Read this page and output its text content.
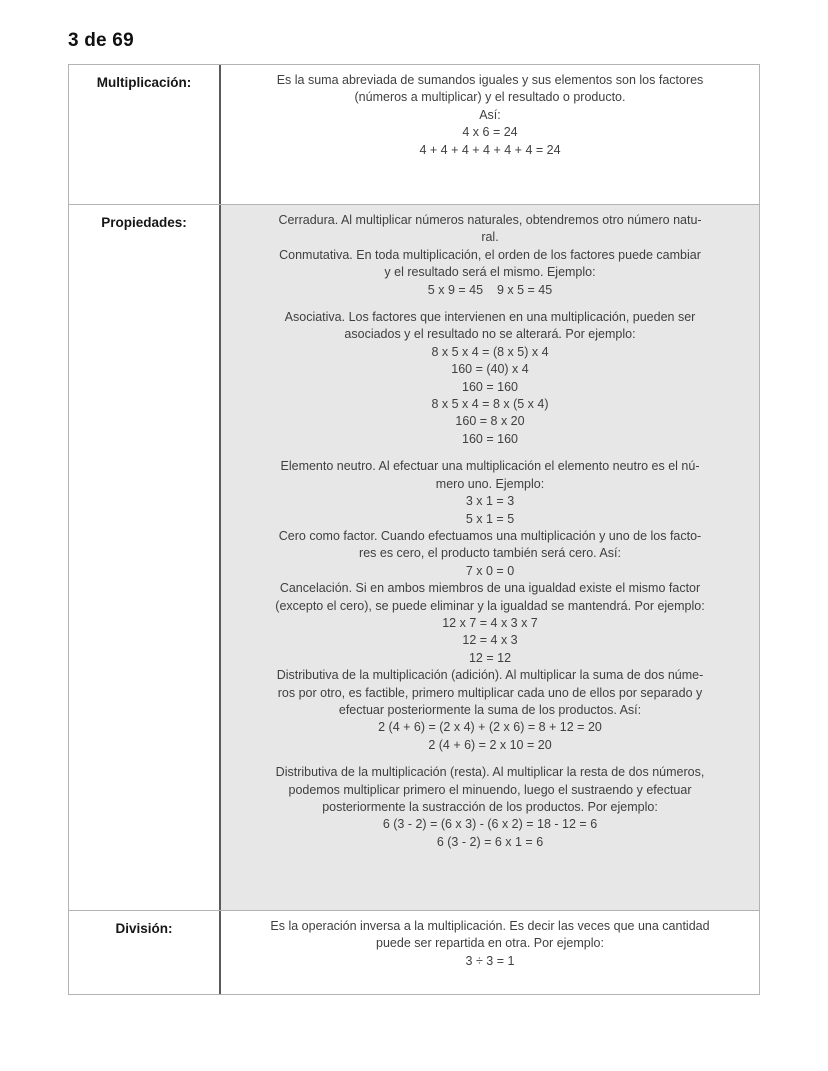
3 de 69
Multiplicación:	Es la suma abreviada de sumandos iguales y sus elementos son los factores
(números a multiplicar) y el resultado o producto.
Así:
4 x 6 = 24
4 + 4 + 4 + 4 + 4 + 4 = 24
Propiedades:	Cerradura. Al multiplicar números naturales, obtendremos otro número natu-
ral.
Conmutativa. En toda multiplicación, el orden de los factores puede cambiar
y el resultado será el mismo. Ejemplo:
5 x 9 = 45    9 x 5 = 45
Asociativa. Los factores que intervienen en una multiplicación, pueden ser
asociados y el resultado no se alterará. Por ejemplo:
8 x 5 x 4 = (8 x 5) x 4
160 = (40) x 4
160 = 160
8 x 5 x 4 = 8 x (5 x 4)
160 = 8 x 20
160 = 160
Elemento neutro. Al efectuar una multiplicación el elemento neutro es el nú-
mero uno. Ejemplo:
3 x 1 = 3
5 x 1 = 5
Cero como factor. Cuando efectuamos una multiplicación y uno de los facto-
res es cero, el producto también será cero. Así:
7 x 0 = 0
Cancelación. Si en ambos miembros de una igualdad existe el mismo factor
(excepto el cero), se puede eliminar y la igualdad se mantendrá. Por ejemplo:
12 x 7 = 4 x 3 x 7
12 = 4 x 3
12 = 12
Distributiva de la multiplicación (adición). Al multiplicar la suma de dos núme-
ros por otro, es factible, primero multiplicar cada uno de ellos por separado y
efectuar posteriormente la suma de los productos. Así:
2 (4 + 6) = (2 x 4) + (2 x 6) = 8 + 12 = 20
2 (4 + 6) = 2 x 10 = 20
Distributiva de la multiplicación (resta). Al multiplicar la resta de dos números,
podemos multiplicar primero el minuendo, luego el sustraendo y efectuar
posteriormente la sustracción de los productos. Por ejemplo:
6 (3 - 2) = (6 x 3) - (6 x 2) = 18 - 12 = 6
6 (3 - 2) = 6 x 1 = 6
División:	Es la operación inversa a la multiplicación. Es decir las veces que una cantidad
puede ser repartida en otra. Por ejemplo:
3 ÷ 3 = 1
